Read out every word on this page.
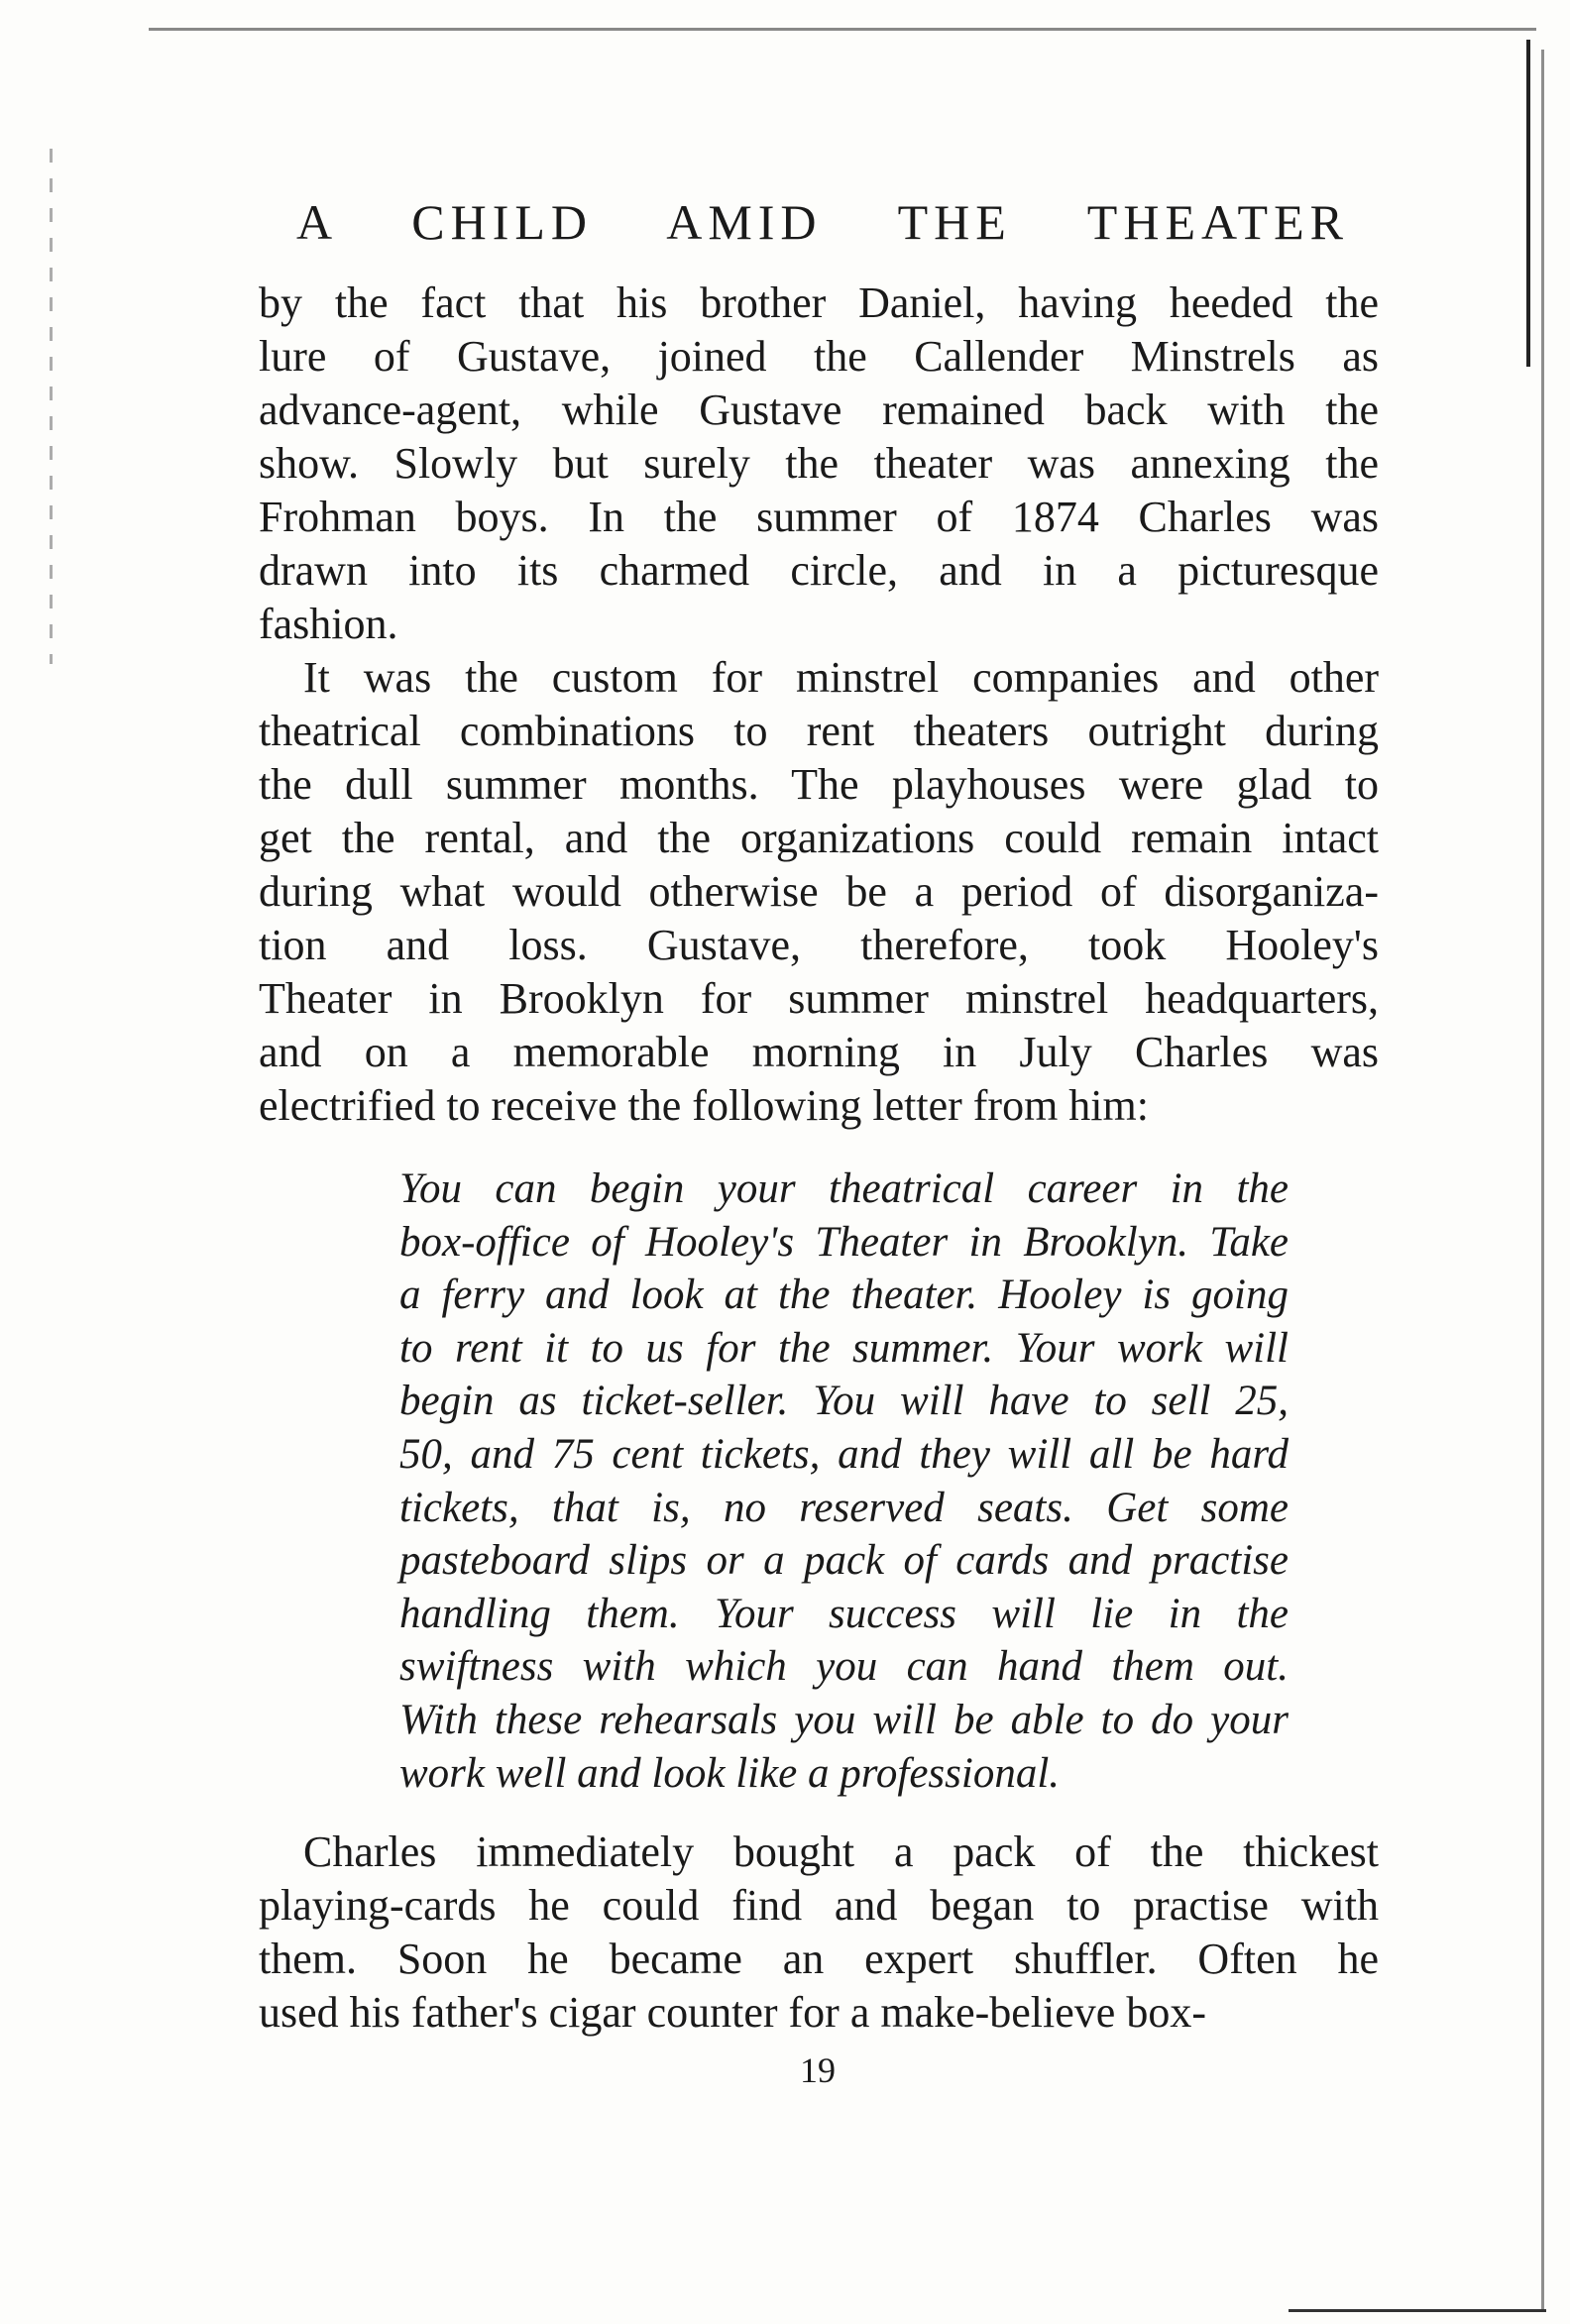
A CHILD AMID THE THEATER
by the fact that his brother Daniel, having heeded the
lure of Gustave, joined the Callender Minstrels as
advance-agent, while Gustave remained back with the
show. Slowly but surely the theater was annexing the
Frohman boys. In the summer of 1874 Charles was
drawn into its charmed circle, and in a picturesque
fashion.
It was the custom for minstrel companies and other
theatrical combinations to rent theaters outright during
the dull summer months. The playhouses were glad to
get the rental, and the organizations could remain intact
during what would otherwise be a period of disorganiza-
tion and loss. Gustave, therefore, took Hooley's
Theater in Brooklyn for summer minstrel headquarters,
and on a memorable morning in July Charles was
electrified to receive the following letter from him:
You can begin your theatrical career in the
box-office of Hooley's Theater in Brooklyn. Take
a ferry and look at the theater. Hooley is going
to rent it to us for the summer. Your work will
begin as ticket-seller. You will have to sell 25,
50, and 75 cent tickets, and they will all be hard
tickets, that is, no reserved seats. Get some
pasteboard slips or a pack of cards and practise
handling them. Your success will lie in the
swiftness with which you can hand them out.
With these rehearsals you will be able to do your
work well and look like a professional.
Charles immediately bought a pack of the thickest
playing-cards he could find and began to practise with
them. Soon he became an expert shuffler. Often he
used his father's cigar counter for a make-believe box-
19
